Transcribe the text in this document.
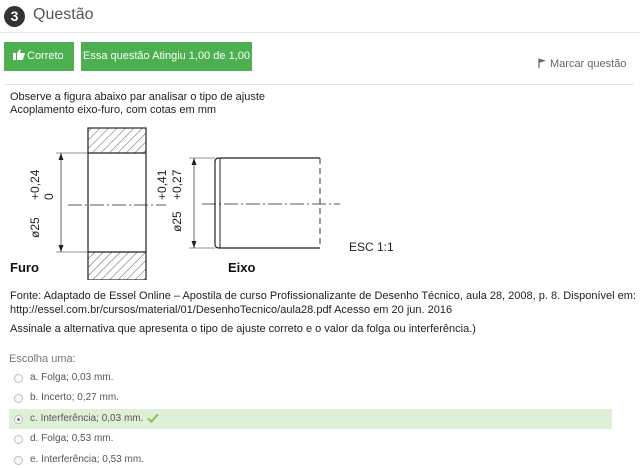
3 Questão
Correto	Essa questão Atingiu 1,00 de 1,00
Marcar questão
Observe a figura abaixo par analisar o tipo de ajuste
Acoplamento eixo-furo, com cotas em mm
ø25
0
+0,24
Furo
ø25
+0,27
+0,41
Eixo
ESC 1:1
Fonte: Adaptado de Essel Online – Apostila de curso Profissionalizante de Desenho Técnico, aula 28, 2008, p. 8. Disponível em:
http://essel.com.br/cursos/material/01/DesenhoTecnico/aula28.pdf Acesso em 20 jun. 2016
Assinale a alternativa que apresenta o tipo de ajuste correto e o valor da folga ou interferência.)
Escolha uma:
a. Folga; 0,03 mm.
b. Incerto; 0,27 mm.
c. Interferência; 0,03 mm.
d. Folga; 0,53 mm.
e. Interferência; 0,53 mm.
